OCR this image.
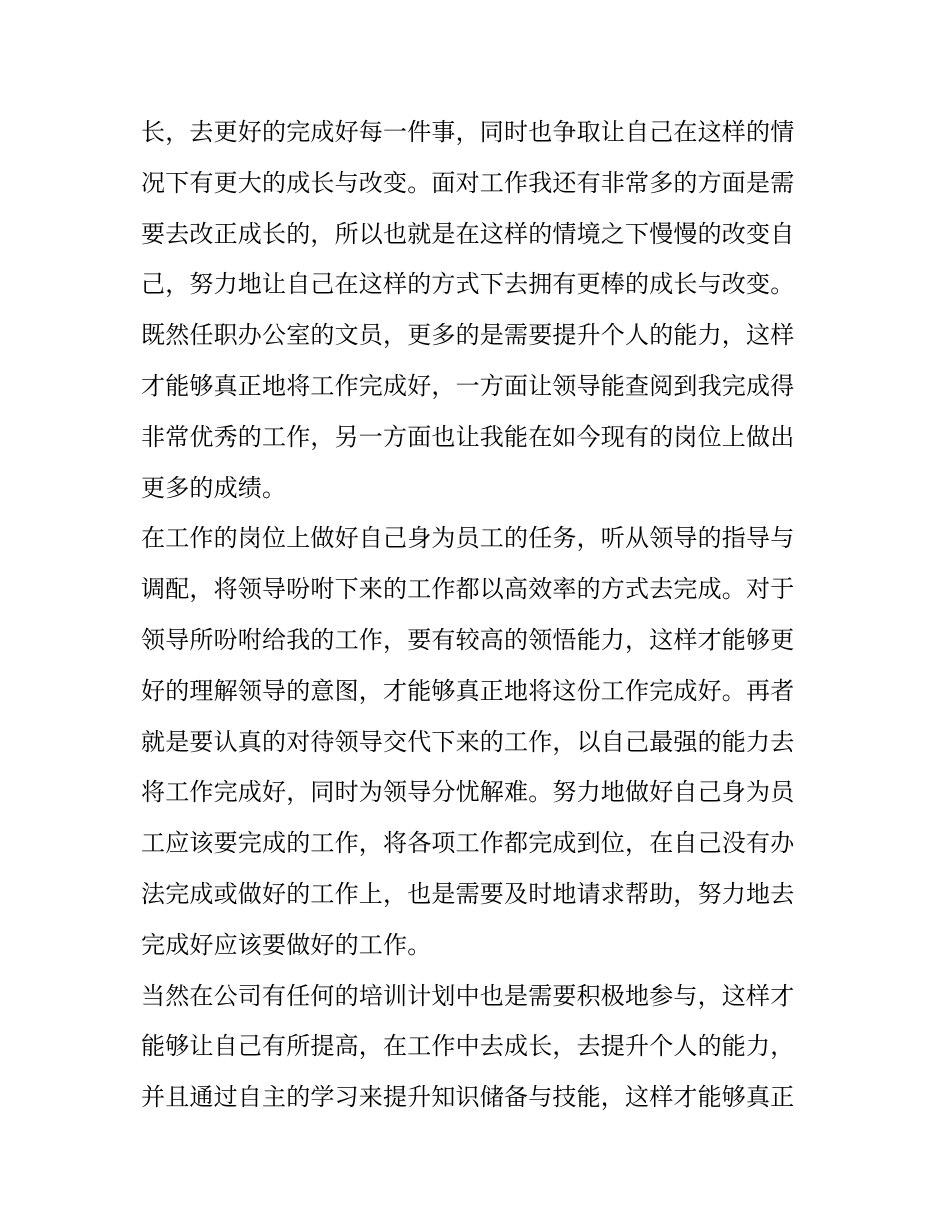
长，去更好的完成好每一件事，同时也争取让自己在这样的情
况下有更大的成长与改变。面对工作我还有非常多的方面是需
要去改正成长的，所以也就是在这样的情境之下慢慢的改变自
己，努力地让自己在这样的方式下去拥有更棒的成长与改变。
既然任职办公室的文员，更多的是需要提升个人的能力，这样
才能够真正地将工作完成好，一方面让领导能查阅到我完成得
非常优秀的工作，另一方面也让我能在如今现有的岗位上做出
更多的成绩。
在工作的岗位上做好自己身为员工的任务，听从领导的指导与
调配，将领导吩咐下来的工作都以高效率的方式去完成。对于
领导所吩咐给我的工作，要有较高的领悟能力，这样才能够更
好的理解领导的意图，才能够真正地将这份工作完成好。再者
就是要认真的对待领导交代下来的工作，以自己最强的能力去
将工作完成好，同时为领导分忧解难。努力地做好自己身为员
工应该要完成的工作，将各项工作都完成到位，在自己没有办
法完成或做好的工作上，也是需要及时地请求帮助，努力地去
完成好应该要做好的工作。
当然在公司有任何的培训计划中也是需要积极地参与，这样才
能够让自己有所提高，在工作中去成长，去提升个人的能力，
并且通过自主的学习来提升知识储备与技能，这样才能够真正
